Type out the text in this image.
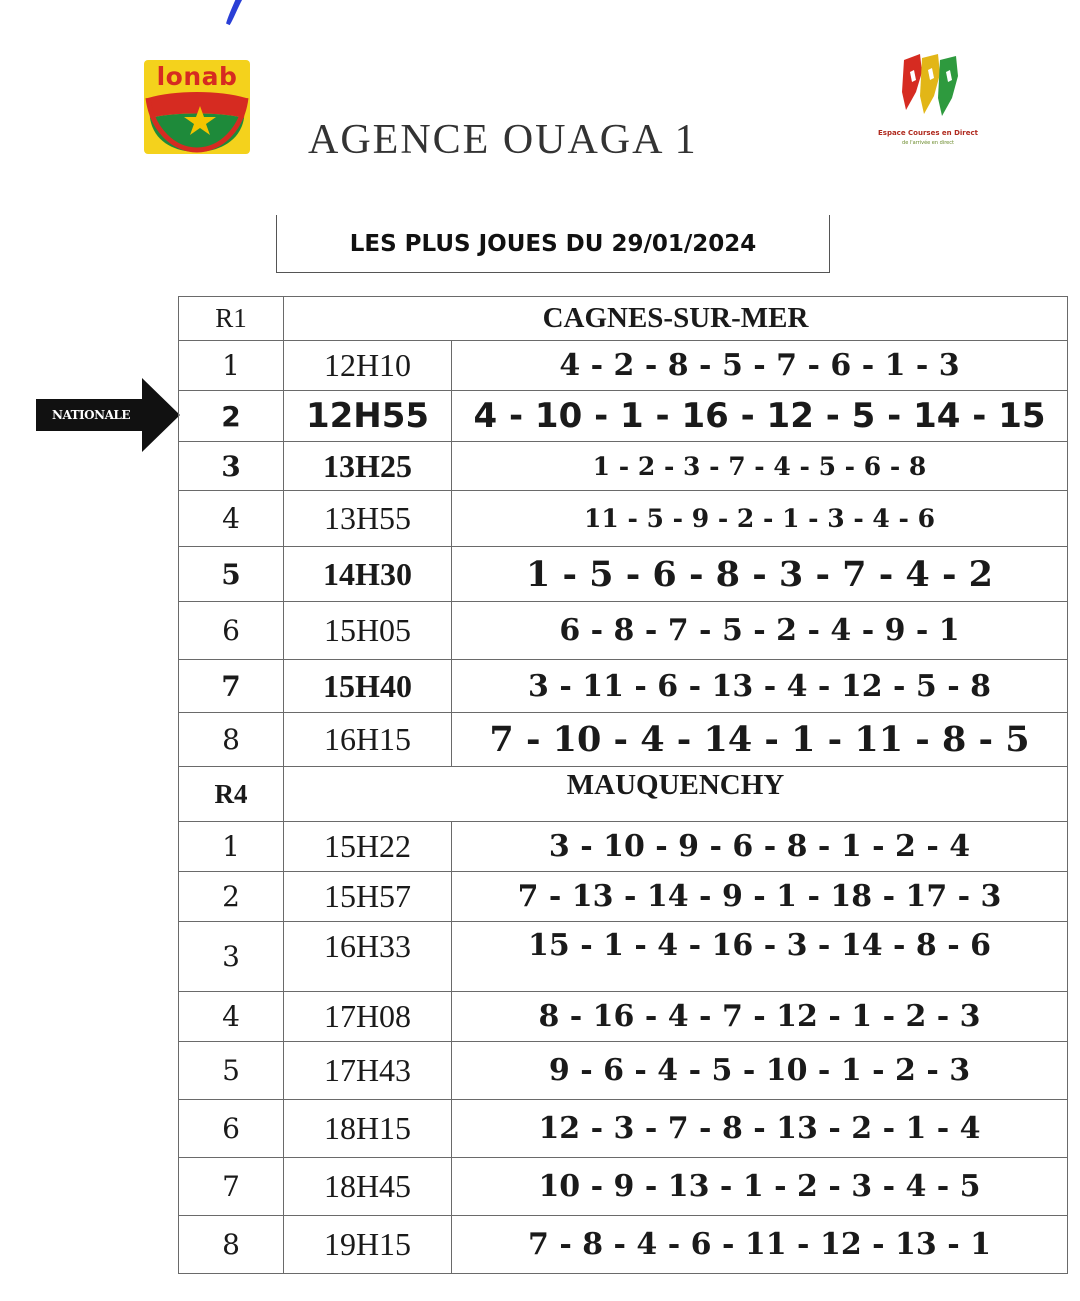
lonab
AGENCE OUAGA 1	Espace Courses en Direct
de l'arrivée en direct
LES PLUS JOUES DU 29/01/2024
NATIONALE
R1	CAGNES-SUR-MER	
1	12H10	4 - 2 - 8 - 5 - 7 - 6 - 1 - 3
2	12H55	4 - 10 - 1 - 16 - 12 - 5 - 14 - 15
3	13H25	1 - 2 - 3 - 7 - 4 - 5 - 6 - 8
4	13H55	11 - 5 - 9 - 2 - 1 - 3 - 4 - 6
5	14H30	1 - 5 - 6 - 8 - 3 - 7 - 4 - 2
6	15H05	6 - 8 - 7 - 5 - 2 - 4 - 9 - 1
7	15H40	3 - 11 - 6 - 13 - 4 - 12 - 5 - 8
8	16H15	7 - 10 - 4 - 14 - 1 - 11 - 8 - 5
R4	MAUQUENCHY	
1	15H22	3 - 10 - 9 - 6 - 8 - 1 - 2 - 4
2	15H57	7 - 13 - 14 - 9 - 1 - 18 - 17 - 3
3	16H33	15 - 1 - 4 - 16 - 3 - 14 - 8 - 6
4	17H08	8 - 16 - 4 - 7 - 12 - 1 - 2 - 3
5	17H43	9 - 6 - 4 - 5 - 10 - 1 - 2 - 3
6	18H15	12 - 3 - 7 - 8 - 13 - 2 - 1 - 4
7	18H45	10 - 9 - 13 - 1 - 2 - 3 - 4 - 5
8	19H15	7 - 8 - 4 - 6 - 11 - 12 - 13 - 1
